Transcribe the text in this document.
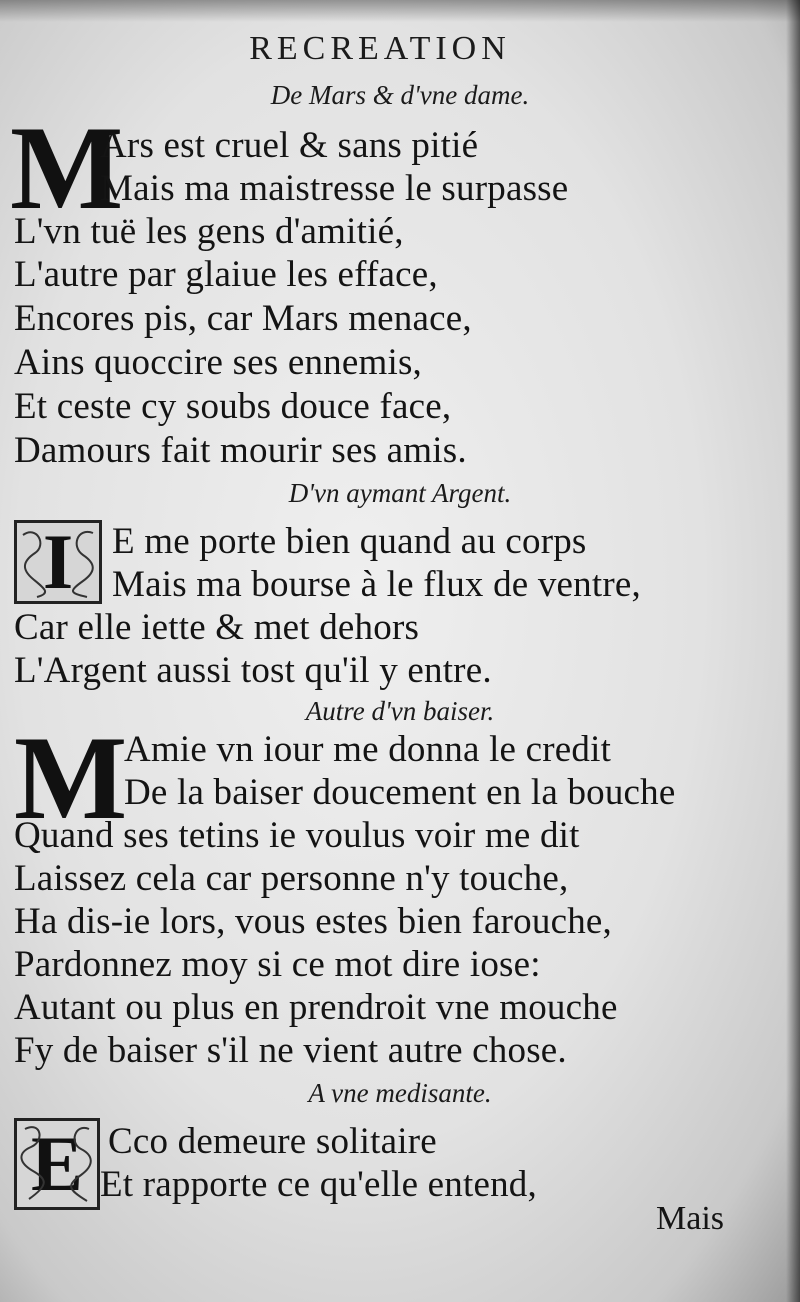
RECREATION
De Mars & d'vne dame.
M
Ars est cruel & sans pitié
Mais ma maistresse le surpasse
L'vn tuë les gens d'amitié,
L'autre par glaiue les efface,
Encores pis, car Mars menace,
Ains quoccire ses ennemis,
Et ceste cy soubs douce face,
Damours fait mourir ses amis.
D'vn aymant Argent.
I E me porte bien quand au corps
Mais ma bourse à le flux de ventre,
Car elle iette & met dehors
L'Argent aussi tost qu'il y entre.
Autre d'vn baiser.
M
Amie vn iour me donna le credit
De la baiser doucement en la bouche
Quand ses tetins ie voulus voir me dit
Laissez cela car personne n'y touche,
Ha dis-ie lors, vous estes bien farouche,
Pardonnez moy si ce mot dire iose:
Autant ou plus en prendroit vne mouche
Fy de baiser s'il ne vient autre chose.
A vne medisante.
E Cco demeure solitaire
Et rapporte ce qu'elle entend,
Mais
